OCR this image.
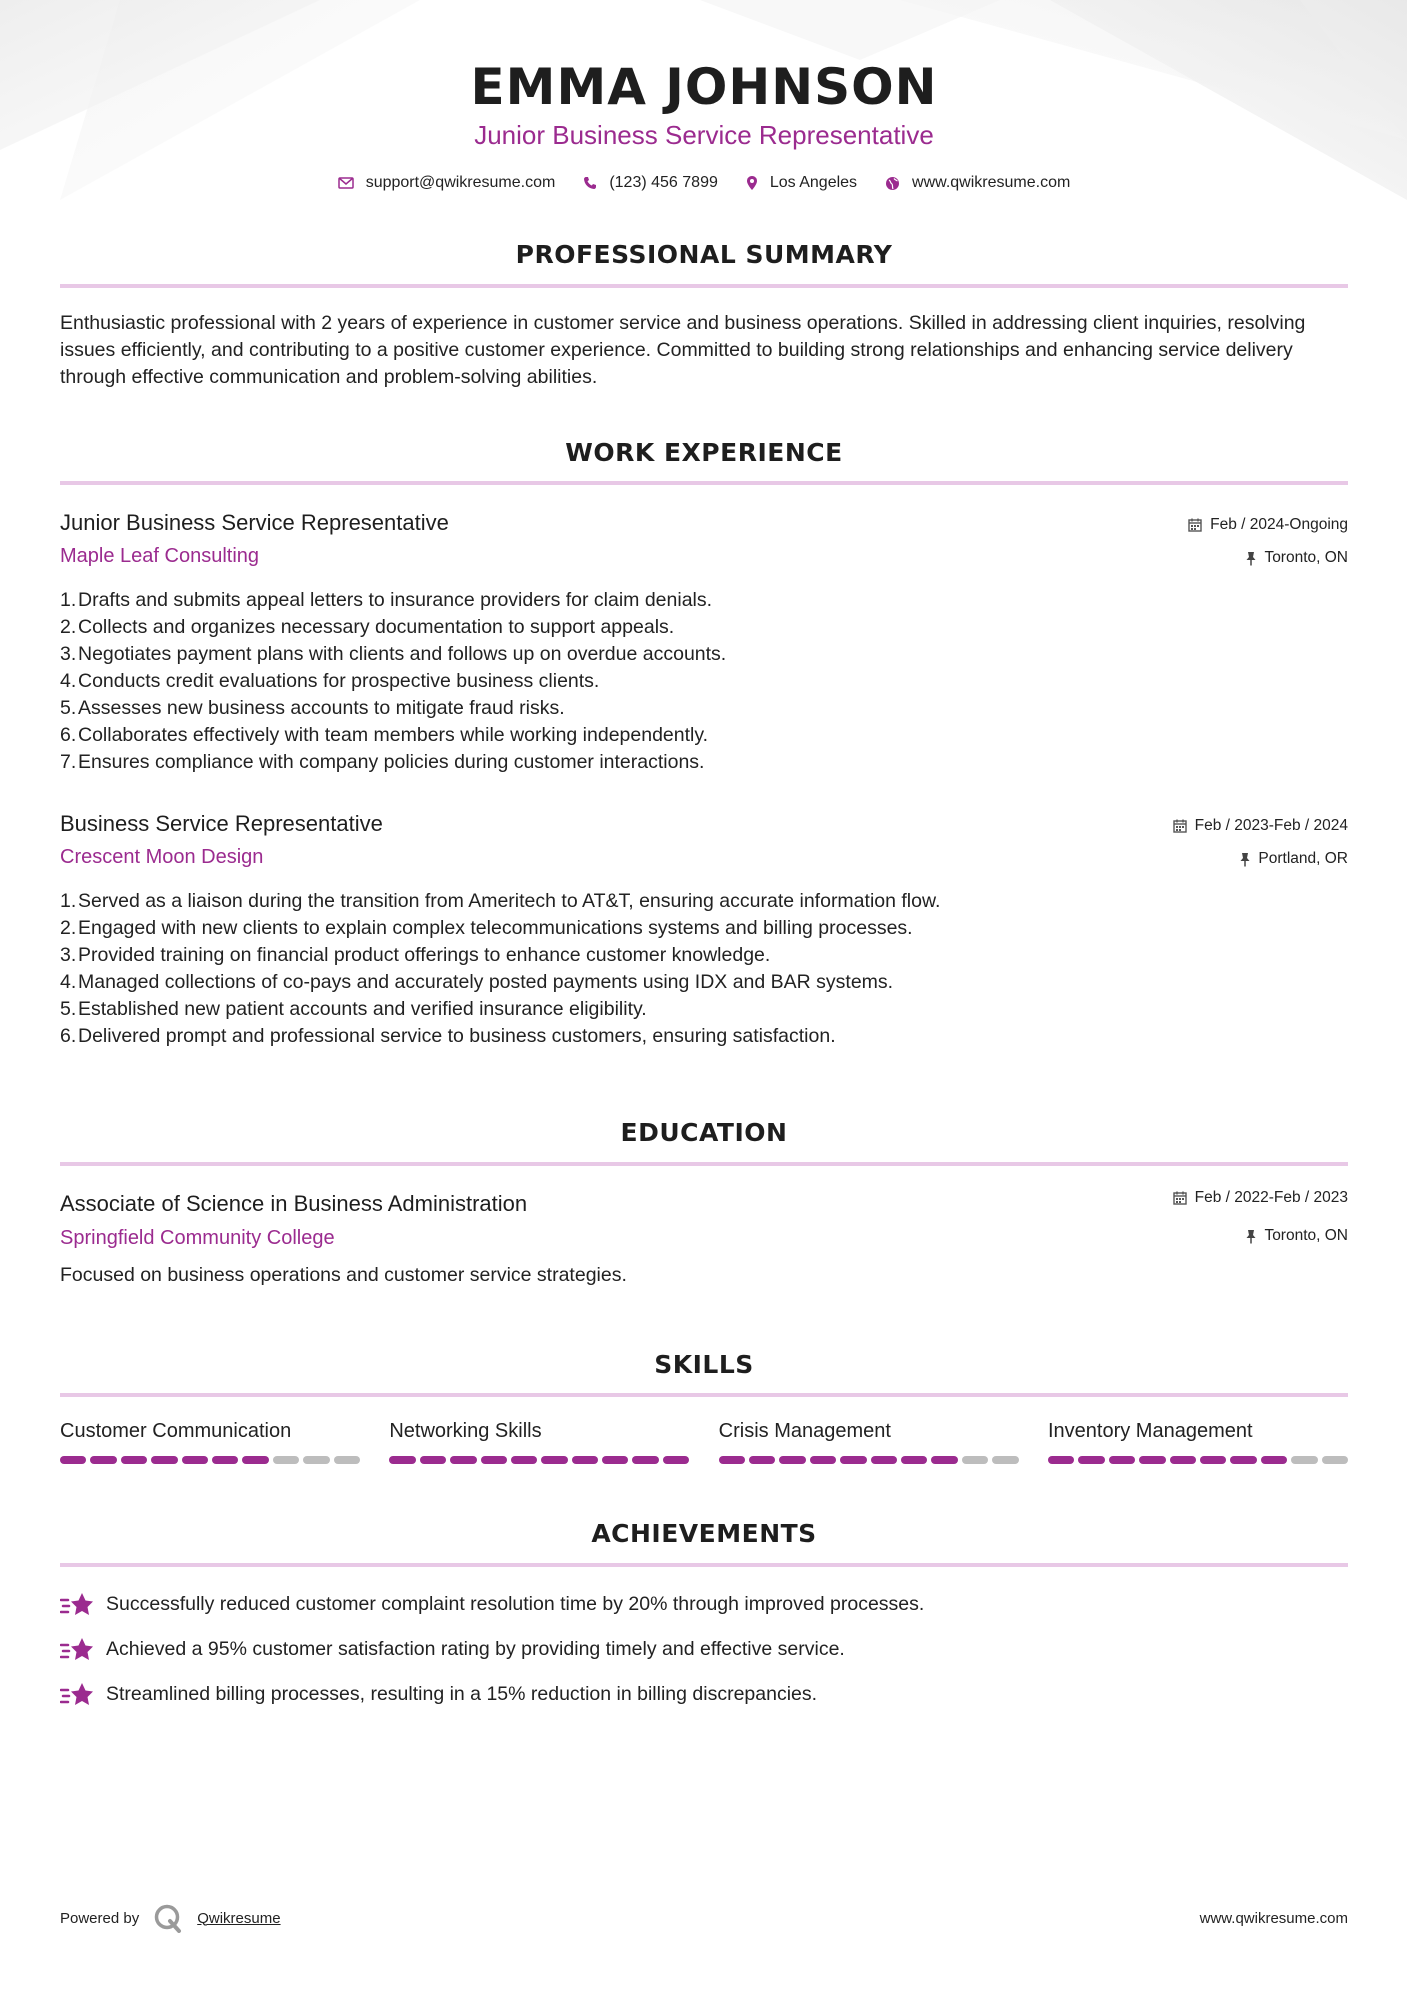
EMMA JOHNSON
Junior Business Service Representative
support@qwikresume.com	(123) 456 7899	Los Angeles	www.qwikresume.com
PROFESSIONAL SUMMARY
Enthusiastic professional with 2 years of experience in customer service and business operations. Skilled in addressing client inquiries, resolving issues efficiently, and contributing to a positive customer experience. Committed to building strong relationships and enhancing service delivery through effective communication and problem-solving abilities.
WORK EXPERIENCE
Junior Business Service Representative
Maple Leaf Consulting
Feb / 2024-Ongoing
Toronto, ON
1. Drafts and submits appeal letters to insurance providers for claim denials.
2. Collects and organizes necessary documentation to support appeals.
3. Negotiates payment plans with clients and follows up on overdue accounts.
4. Conducts credit evaluations for prospective business clients.
5. Assesses new business accounts to mitigate fraud risks.
6. Collaborates effectively with team members while working independently.
7. Ensures compliance with company policies during customer interactions.
Business Service Representative
Crescent Moon Design
Feb / 2023-Feb / 2024
Portland, OR
1. Served as a liaison during the transition from Ameritech to AT&T, ensuring accurate information flow.
2. Engaged with new clients to explain complex telecommunications systems and billing processes.
3. Provided training on financial product offerings to enhance customer knowledge.
4. Managed collections of co-pays and accurately posted payments using IDX and BAR systems.
5. Established new patient accounts and verified insurance eligibility.
6. Delivered prompt and professional service to business customers, ensuring satisfaction.
EDUCATION
Associate of Science in Business Administration
Springfield Community College
Feb / 2022-Feb / 2023
Toronto, ON
Focused on business operations and customer service strategies.
SKILLS
Customer Communication	Networking Skills	Crisis Management	Inventory Management
ACHIEVEMENTS
Successfully reduced customer complaint resolution time by 20% through improved processes.
Achieved a 95% customer satisfaction rating by providing timely and effective service.
Streamlined billing processes, resulting in a 15% reduction in billing discrepancies.
Powered by	Qwikresume	www.qwikresume.com
